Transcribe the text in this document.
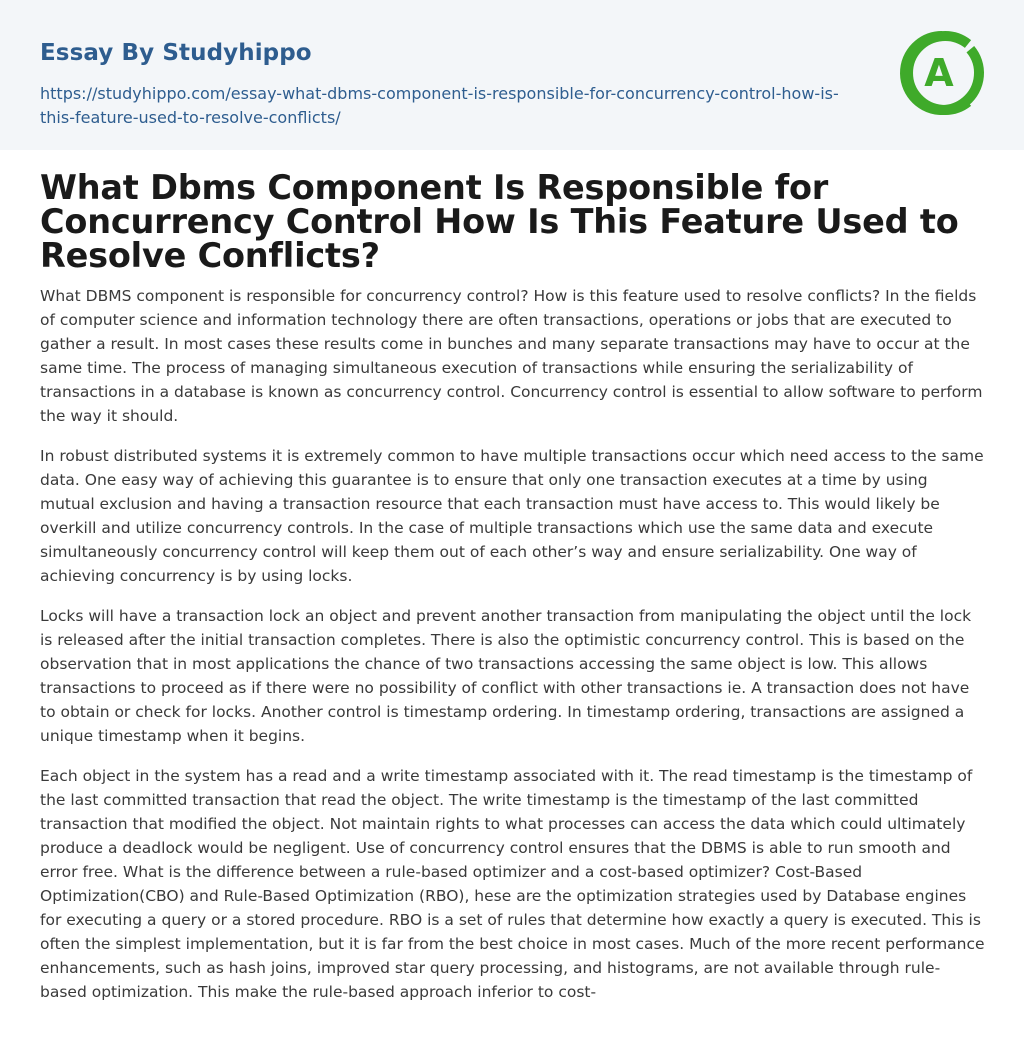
Essay By Studyhippo
https://studyhippo.com/essay-what-dbms-component-is-responsible-for-concurrency-control-how-is-this-feature-used-to-resolve-conflicts/
A
What Dbms Component Is Responsible for Concurrency Control How Is This Feature Used to Resolve Conflicts?

What DBMS component is responsible for concurrency control? How is this feature used to resolve conflicts? In the fields of computer science and information technology there are often transactions, operations or jobs that are executed to gather a result. In most cases these results come in bunches and many separate transactions may have to occur at the same time. The process of managing simultaneous execution of transactions while ensuring the serializability of transactions in a database is known as concurrency control. Concurrency control is essential to allow software to perform the way it should.

In robust distributed systems it is extremely common to have multiple transactions occur which need access to the same data. One easy way of achieving this guarantee is to ensure that only one transaction executes at a time by using mutual exclusion and having a transaction resource that each transaction must have access to. This would likely be overkill and utilize concurrency controls. In the case of multiple transactions which use the same data and execute simultaneously concurrency control will keep them out of each other’s way and ensure serializability. One way of achieving concurrency is by using locks.

Locks will have a transaction lock an object and prevent another transaction from manipulating the object until the lock is released after the initial transaction completes. There is also the optimistic concurrency control. This is based on the observation that in most applications the chance of two transactions accessing the same object is low. This allows transactions to proceed as if there were no possibility of conflict with other transactions ie. A transaction does not have to obtain or check for locks. Another control is timestamp ordering. In timestamp ordering, transactions are assigned a unique timestamp when it begins.

Each object in the system has a read and a write timestamp associated with it. The read timestamp is the timestamp of the last committed transaction that read the object. The write timestamp is the timestamp of the last committed transaction that modified the object. Not maintain rights to what processes can access the data which could ultimately produce a deadlock would be negligent. Use of concurrency control ensures that the DBMS is able to run smooth and error free. What is the difference between a rule-based optimizer and a cost-based optimizer? Cost-Based Optimization(CBO) and Rule-Based Optimization (RBO), hese are the optimization strategies used by Database engines for executing a query or a stored procedure. RBO is a set of rules that determine how exactly a query is executed. This is often the simplest implementation, but it is far from the best choice in most cases. Much of the more recent performance enhancements, such as hash joins, improved star query processing, and histograms, are not available through rule-based optimization. This make the rule-based approach inferior to cost-
